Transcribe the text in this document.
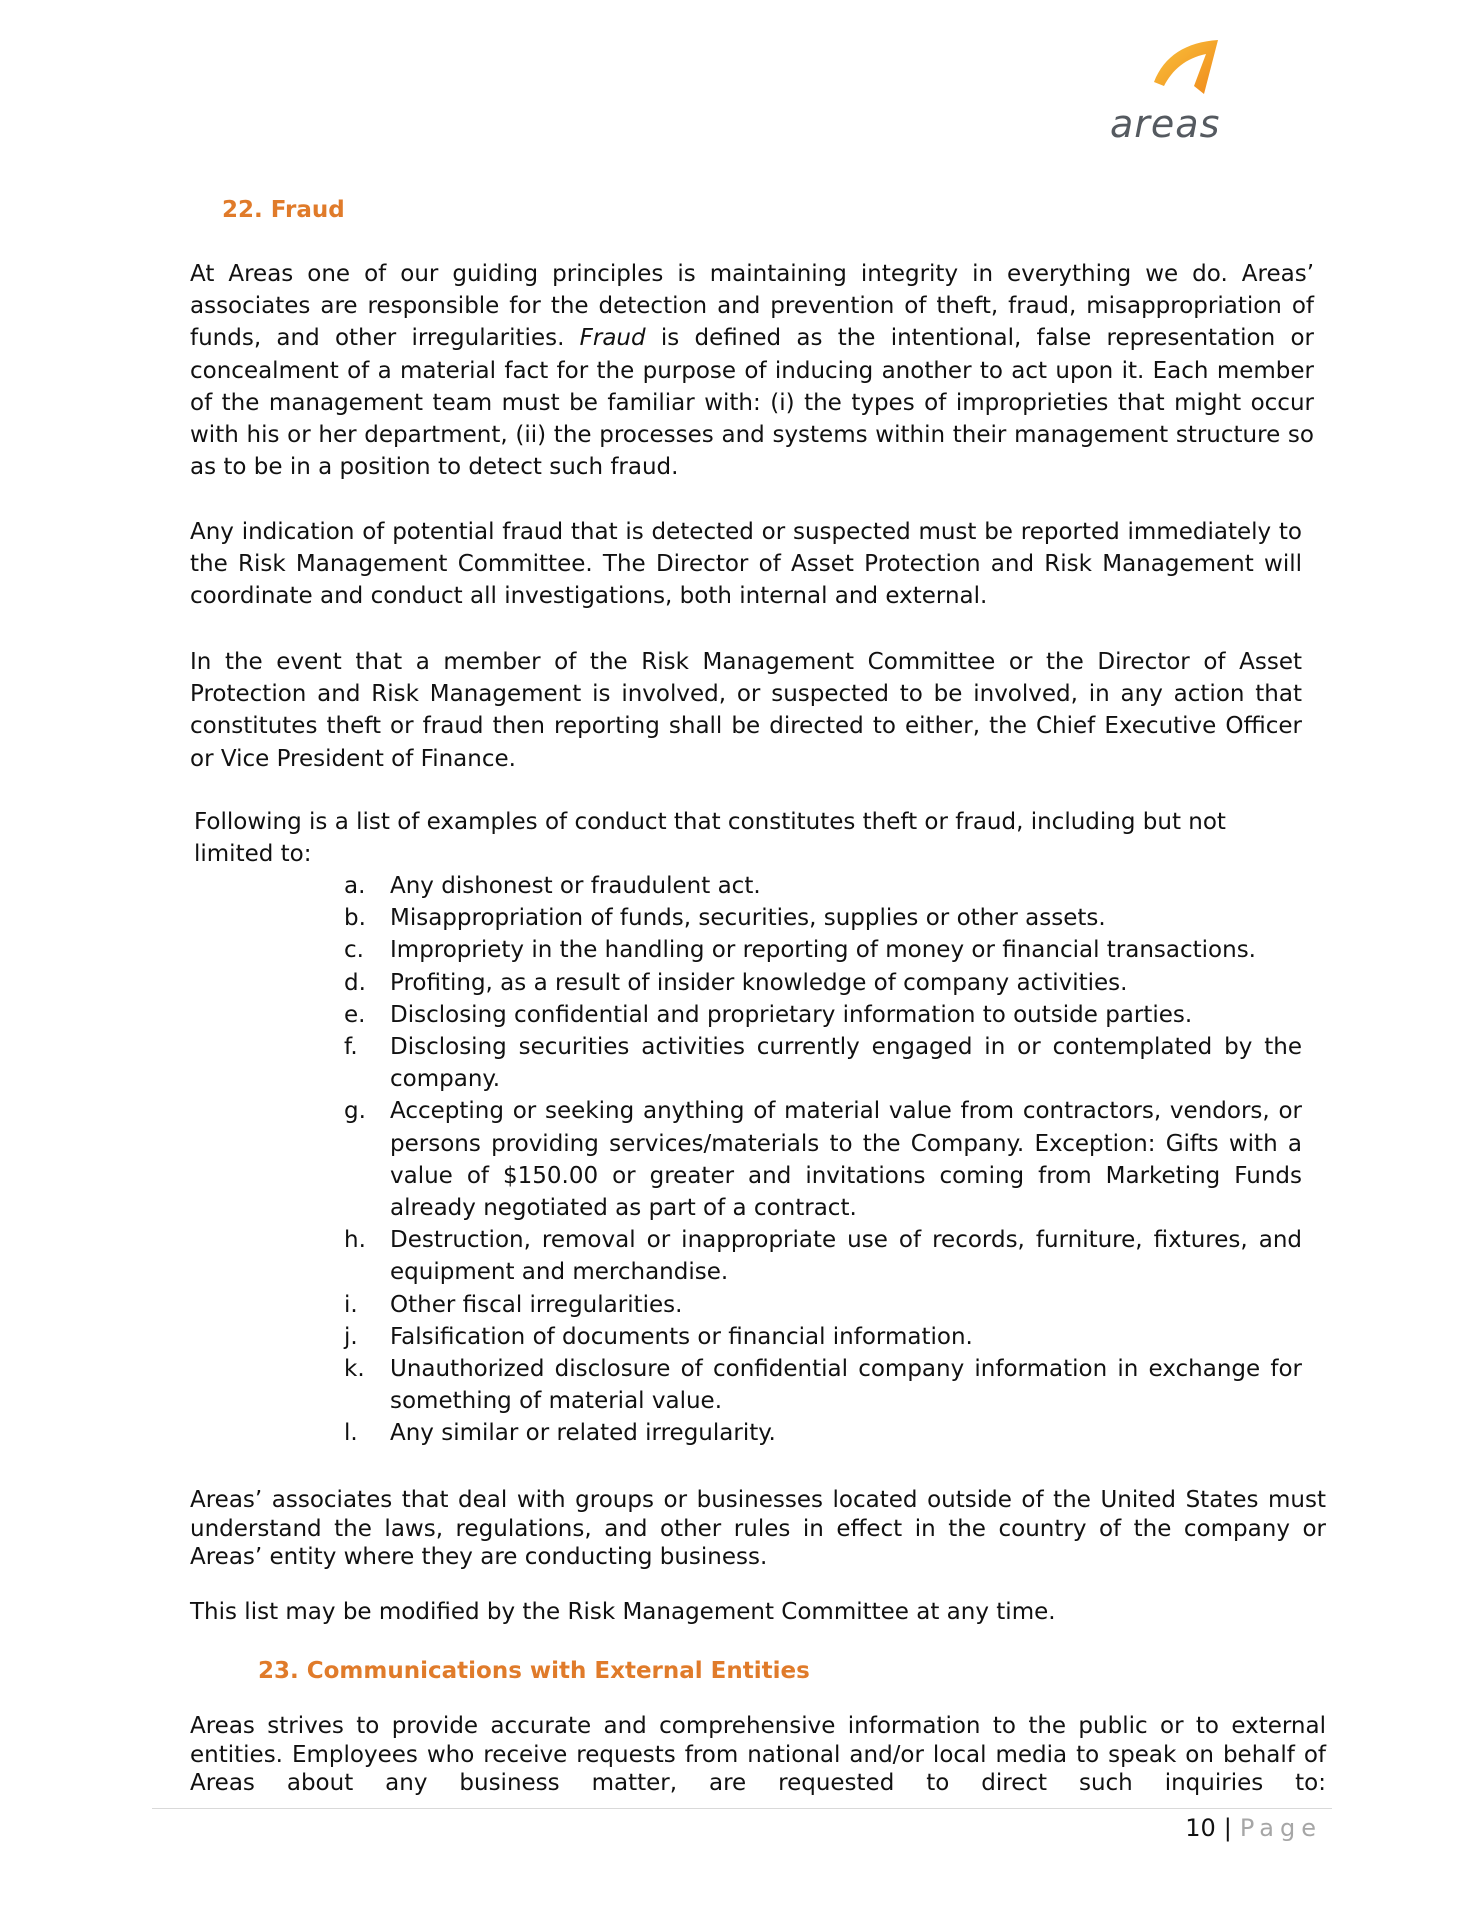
areas
22. Fraud

At Areas one of our guiding principles is maintaining integrity in everything we do. Areas’ associates are responsible for the detection and prevention of theft, fraud, misappropriation of funds, and other irregularities. Fraud is defined as the intentional, false representation or concealment of a material fact for the purpose of inducing another to act upon it. Each member of the management team must be familiar with: (i) the types of improprieties that might occur with his or her department, (ii) the processes and systems within their management structure so as to be in a position to detect such fraud.

Any indication of potential fraud that is detected or suspected must be reported immediately to the Risk Management Committee. The Director of Asset Protection and Risk Management will coordinate and conduct all investigations, both internal and external.

In the event that a member of the Risk Management Committee or the Director of Asset Protection and Risk Management is involved, or suspected to be involved, in any action that constitutes theft or fraud then reporting shall be directed to either, the Chief Executive Officer or Vice President of Finance.

Following is a list of examples of conduct that constitutes theft or fraud, including but not limited to:

a.	Any dishonest or fraudulent act.
b.	Misappropriation of funds, securities, supplies or other assets.
c.	Impropriety in the handling or reporting of money or financial transactions.
d.	Profiting, as a result of insider knowledge of company activities.
e.	Disclosing confidential and proprietary information to outside parties.
f.	Disclosing securities activities currently engaged in or contemplated by the company.
g.	Accepting or seeking anything of material value from contractors, vendors, or persons providing services/materials to the Company. Exception: Gifts with a value of $150.00 or greater and invitations coming from Marketing Funds already negotiated as part of a contract.
h.	Destruction, removal or inappropriate use of records, furniture, fixtures, and equipment and merchandise.
i.	Other fiscal irregularities.
j.	Falsification of documents or financial information.
k.	Unauthorized disclosure of confidential company information in exchange for something of material value.
l.	Any similar or related irregularity.

Areas’ associates that deal with groups or businesses located outside of the United States must understand the laws, regulations, and other rules in effect in the country of the company or Areas’ entity where they are conducting business.

This list may be modified by the Risk Management Committee at any time.

23. Communications with External Entities

Areas strives to provide accurate and comprehensive information to the public or to external entities. Employees who receive requests from national and/or local media to speak on behalf of Areas about any business matter, are requested to direct such inquiries to:

10 | Page
